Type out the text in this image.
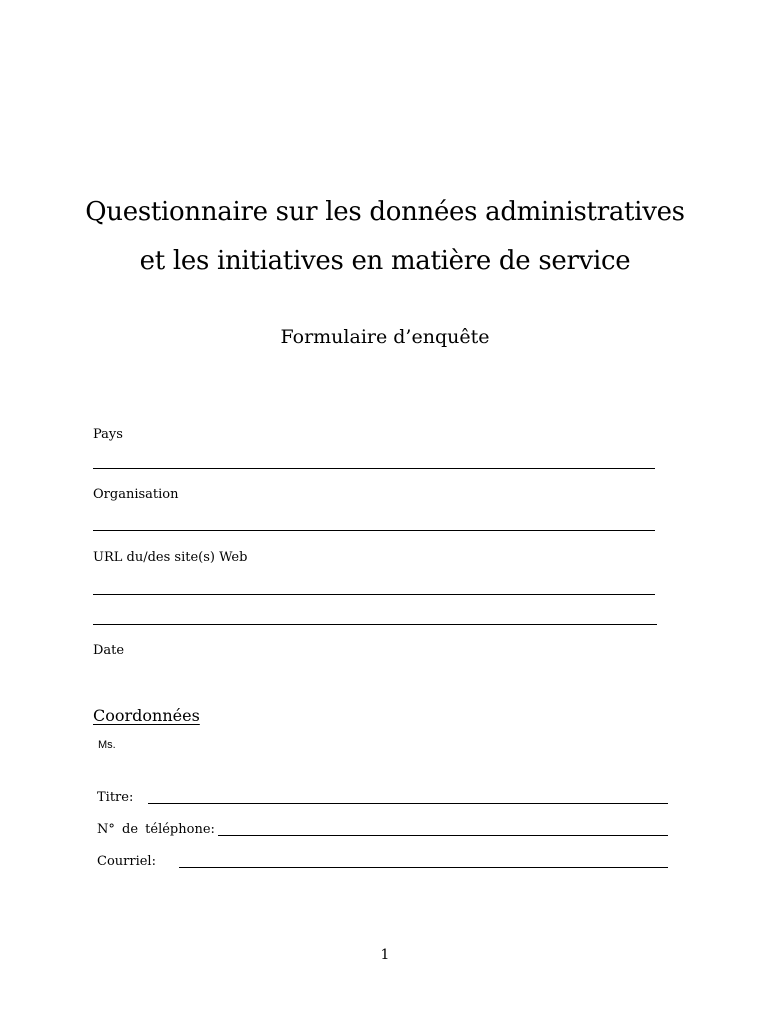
Questionnaire sur les données administratives
et les initiatives en matière de service
Formulaire d’enquête
Pays
Organisation
URL du/des site(s) Web
Date
Coordonnées
Ms.
Titre:
N° de téléphone:
Courriel:
1
